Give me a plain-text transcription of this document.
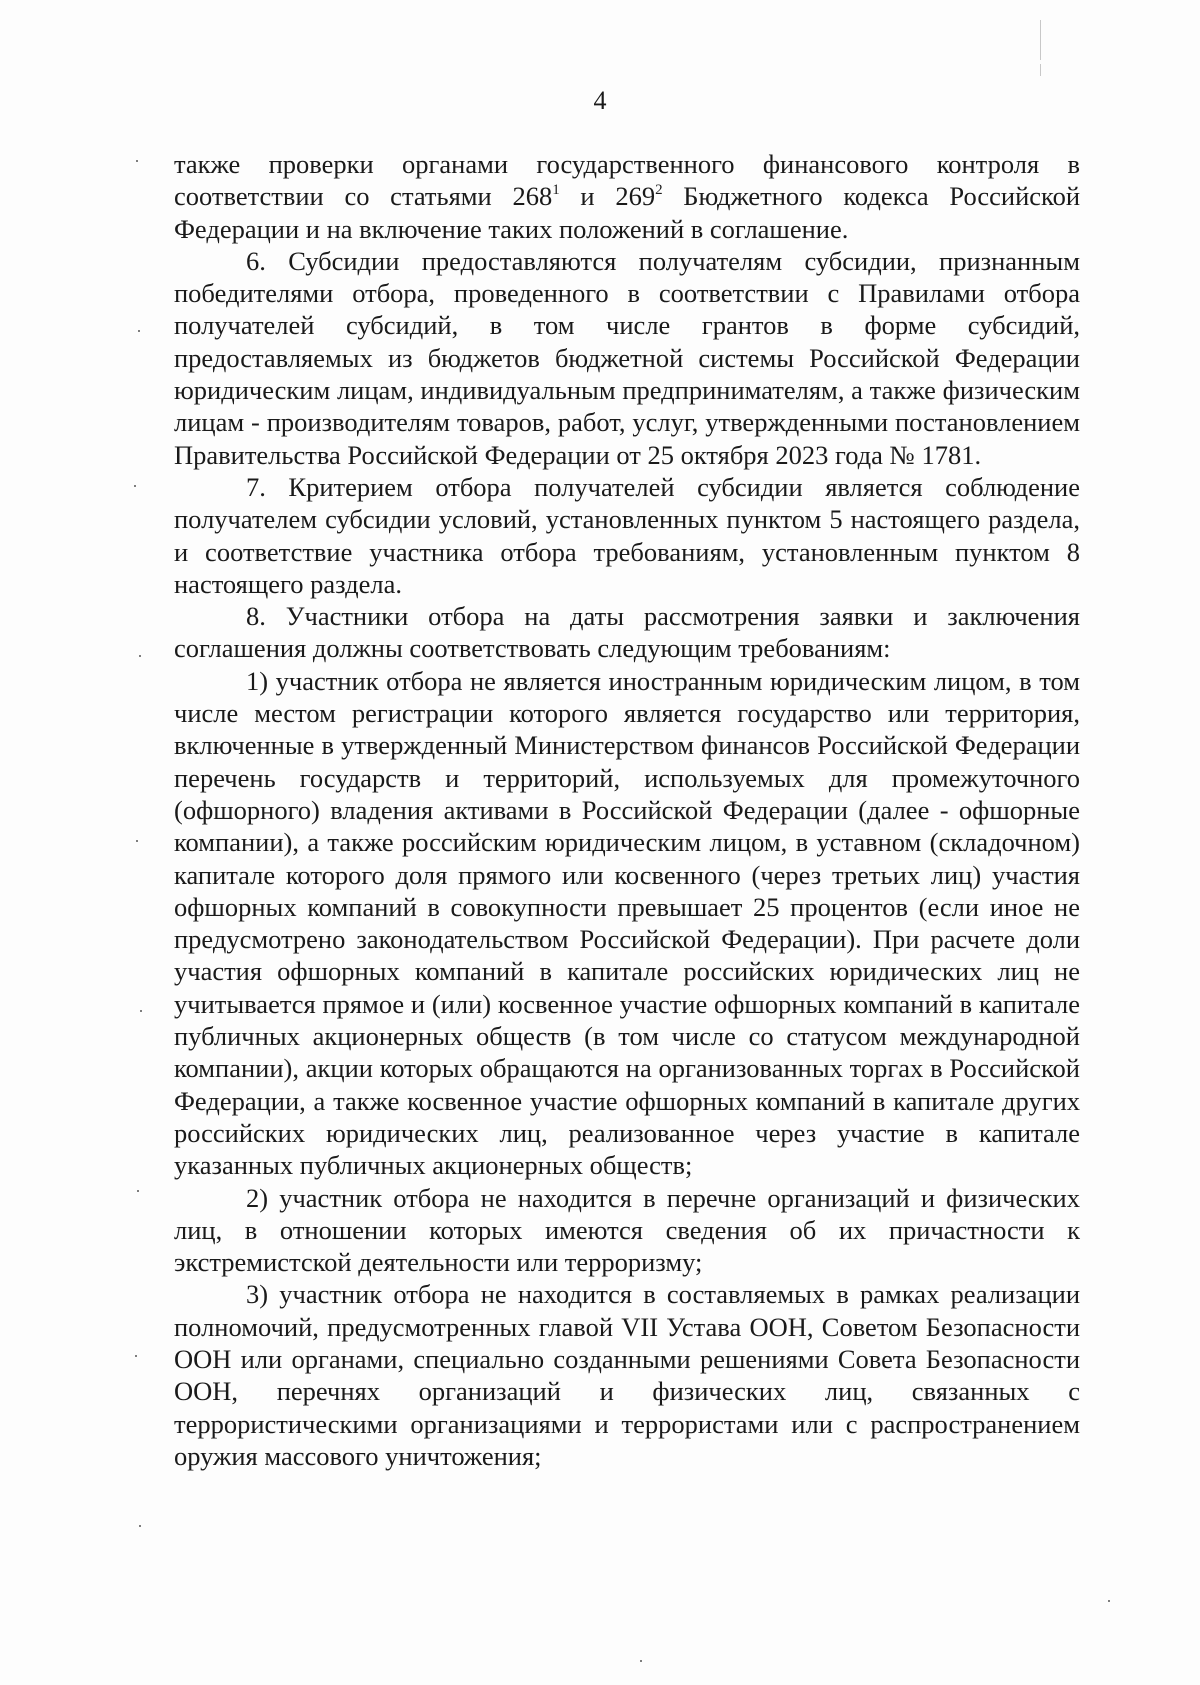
4

также проверки органами государственного финансового контроля в соответствии со статьями $268^1$ и $269^2$ Бюджетного кодекса Российской Федерации и на включение таких положений в соглашение.

6. Субсидии предоставляются получателям субсидии, признанным победителями отбора, проведенного в соответствии с Правилами отбора получателей субсидий, в том числе грантов в форме субсидий, предоставляемых из бюджетов бюджетной системы Российской Федерации юридическим лицам, индивидуальным предпринимателям, а также физическим лицам - производителям товаров, работ, услуг, утвержденными постановлением Правительства Российской Федерации от 25 октября 2023 года № 1781.

7. Критерием отбора получателей субсидии является соблюдение получателем субсидии условий, установленных пунктом 5 настоящего раздела, и соответствие участника отбора требованиям, установленным пунктом 8 настоящего раздела.

8. Участники отбора на даты рассмотрения заявки и заключения соглашения должны соответствовать следующим требованиям:

1) участник отбора не является иностранным юридическим лицом, в том числе местом регистрации которого является государство или территория, включенные в утвержденный Министерством финансов Российской Федерации перечень государств и территорий, используемых для промежуточного (офшорного) владения активами в Российской Федерации (далее - офшорные компании), а также российским юридическим лицом, в уставном (складочном) капитале которого доля прямого или косвенного (через третьих лиц) участия офшорных компаний в совокупности превышает 25 процентов (если иное не предусмотрено законодательством Российской Федерации). При расчете доли участия офшорных компаний в капитале российских юридических лиц не учитывается прямое и (или) косвенное участие офшорных компаний в капитале публичных акционерных обществ (в том числе со статусом международной компании), акции которых обращаются на организованных торгах в Российской Федерации, а также косвенное участие офшорных компаний в капитале других российских юридических лиц, реализованное через участие в капитале указанных публичных акционерных обществ;

2) участник отбора не находится в перечне организаций и физических лиц, в отношении которых имеются сведения об их причастности к экстремистской деятельности или терроризму;

3) участник отбора не находится в составляемых в рамках реализации полномочий, предусмотренных главой VII Устава ООН, Советом Безопасности ООН или органами, специально созданными решениями Совета Безопасности ООН, перечнях организаций и физических лиц, связанных с террористическими организациями и террористами или с распространением оружия массового уничтожения;
